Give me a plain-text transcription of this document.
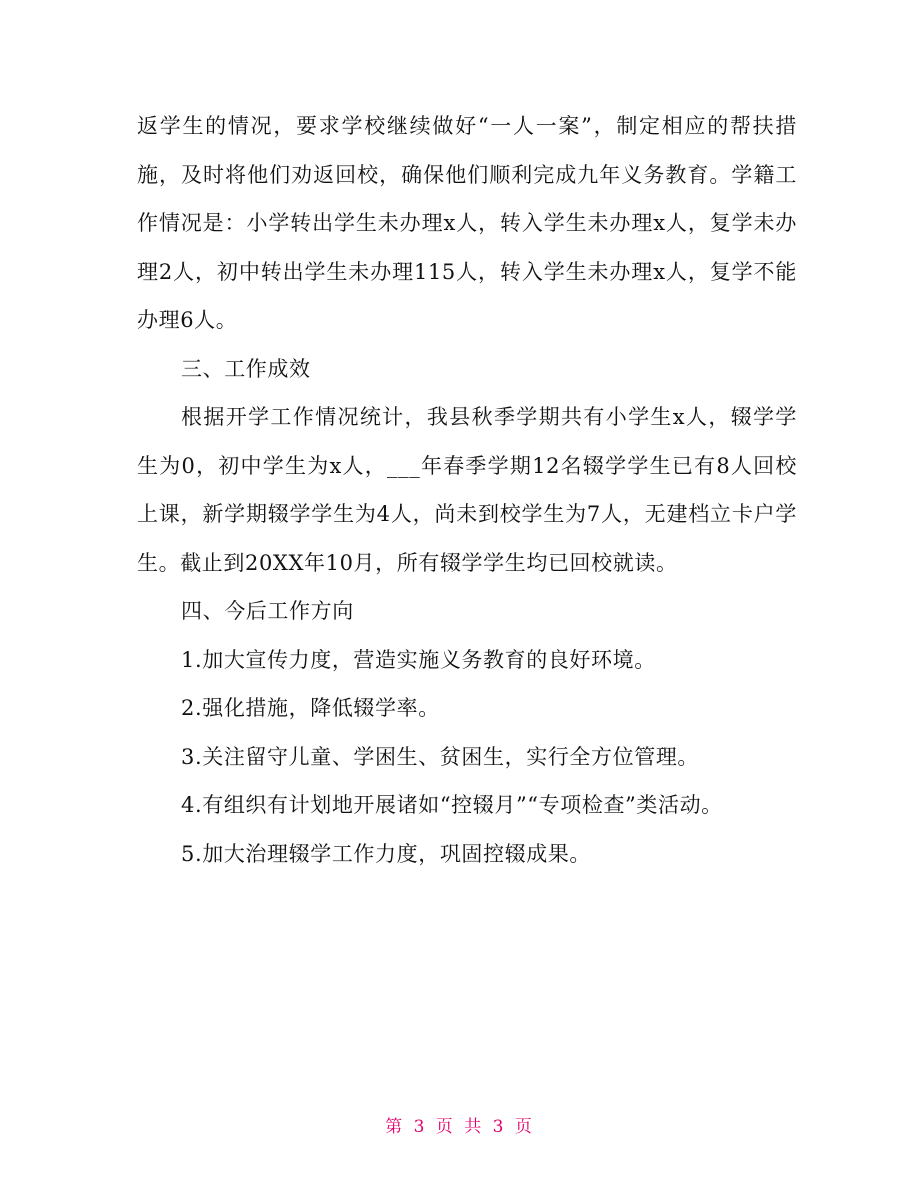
返学生的情况，要求学校继续做好“一人一案”，制定相应的帮扶措施，及时将他们劝返回校，确保他们顺利完成九年义务教育。学籍工作情况是：小学转出学生未办理x人，转入学生未办理x人，复学未办理2人，初中转出学生未办理115人，转入学生未办理x人，复学不能办理6人。

三、工作成效

根据开学工作情况统计，我县秋季学期共有小学生x人，辍学学生为0，初中学生为x人，___年春季学期12名辍学学生已有8人回校上课，新学期辍学学生为4人，尚未到校学生为7人，无建档立卡户学生。截止到20XX年10月，所有辍学学生均已回校就读。

四、今后工作方向

1.加大宣传力度，营造实施义务教育的良好环境。

2.强化措施，降低辍学率。

3.关注留守儿童、学困生、贫困生，实行全方位管理。

4.有组织有计划地开展诸如“控辍月”“专项检查”类活动。

5.加大治理辍学工作力度，巩固控辍成果。

第 3 页 共 3 页
